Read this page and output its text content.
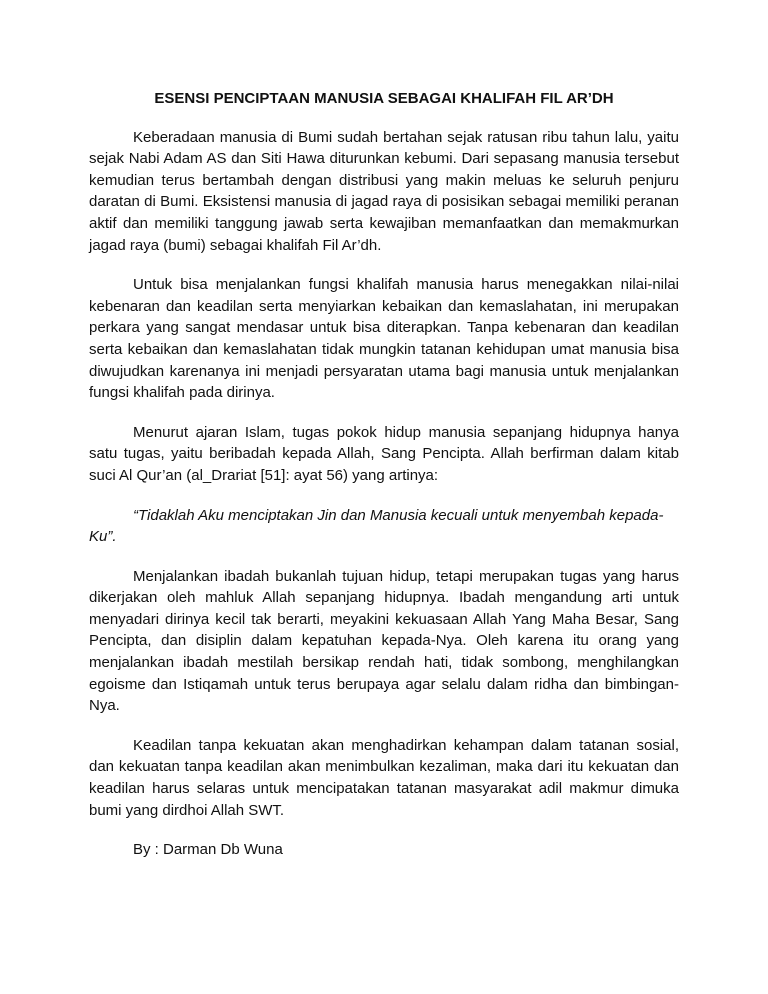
ESENSI PENCIPTAAN MANUSIA SEBAGAI KHALIFAH FIL AR’DH

Keberadaan manusia di Bumi sudah bertahan sejak ratusan ribu tahun lalu, yaitu sejak Nabi Adam AS dan Siti Hawa diturunkan kebumi. Dari sepasang manusia tersebut kemudian terus bertambah dengan distribusi yang makin meluas ke seluruh penjuru daratan di Bumi. Eksistensi manusia di jagad raya di posisikan sebagai memiliki peranan aktif dan memiliki tanggung jawab serta kewajiban memanfaatkan dan memakmurkan jagad raya (bumi) sebagai khalifah Fil Ar’dh.

Untuk bisa menjalankan fungsi khalifah manusia harus menegakkan nilai-nilai kebenaran dan keadilan serta menyiarkan kebaikan dan kemaslahatan, ini merupakan perkara yang sangat mendasar untuk bisa diterapkan. Tanpa kebenaran dan keadilan serta kebaikan dan kemaslahatan tidak mungkin tatanan kehidupan umat manusia bisa diwujudkan karenanya ini menjadi persyaratan utama bagi manusia untuk menjalankan fungsi khalifah pada dirinya.

Menurut ajaran Islam, tugas pokok hidup manusia sepanjang hidupnya hanya satu tugas, yaitu beribadah kepada Allah, Sang Pencipta. Allah berfirman dalam kitab suci Al Qur’an (al_Drariat [51]: ayat 56) yang artinya:

“Tidaklah Aku menciptakan Jin dan Manusia kecuali untuk menyembah kepada-Ku”.

Menjalankan ibadah bukanlah tujuan hidup, tetapi merupakan tugas yang harus dikerjakan oleh mahluk Allah sepanjang hidupnya. Ibadah mengandung arti untuk menyadari dirinya kecil tak berarti, meyakini kekuasaan Allah Yang Maha Besar, Sang Pencipta, dan disiplin dalam kepatuhan kepada-Nya. Oleh karena itu orang yang menjalankan ibadah mestilah bersikap rendah hati, tidak sombong, menghilangkan egoisme dan Istiqamah untuk terus berupaya agar selalu dalam ridha dan bimbingan-Nya.

Keadilan tanpa kekuatan akan menghadirkan kehampan dalam tatanan sosial, dan kekuatan tanpa keadilan akan menimbulkan kezaliman, maka dari itu kekuatan dan keadilan harus selaras untuk mencipatakan tatanan masyarakat adil makmur dimuka bumi yang dirdhoi Allah SWT.

By : Darman Db Wuna
